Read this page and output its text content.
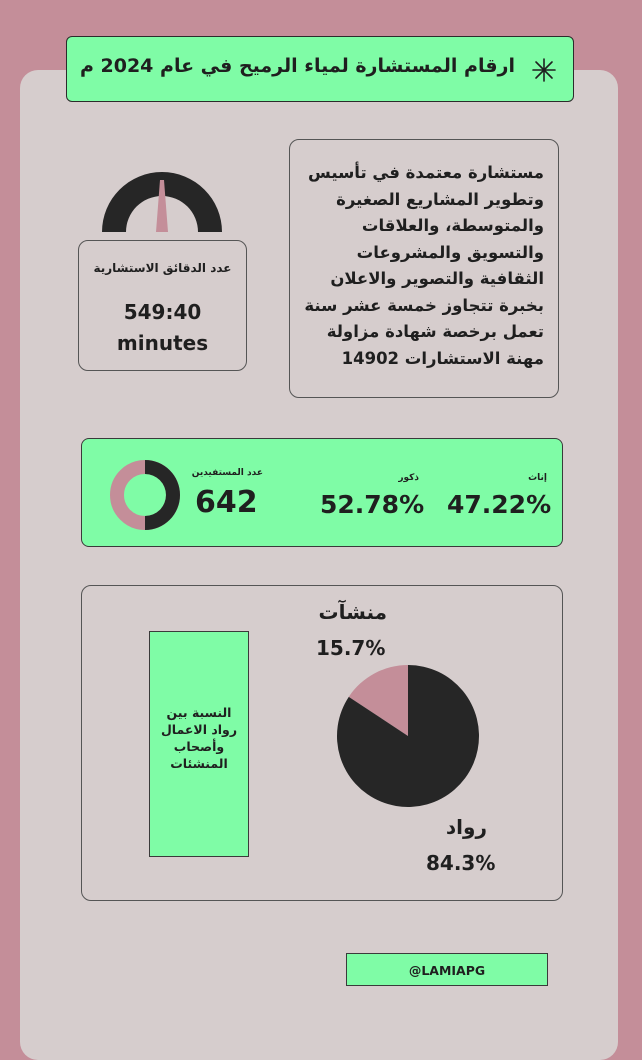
ارقام المستشارة لمياء الرميح في عام 2024 م
مستشارة معتمدة في تأسيس
وتطوير المشاريع الصغيرة
والمتوسطة، والعلاقات
والتسويق والمشروعات
الثقافية والتصوير والاعلان
بخبرة تتجاوز خمسة عشر سنة
تعمل برخصة شهادة مزاولة
مهنة الاستشارات 14902
عدد الدقائق الاستشارية
549:40
minutes
إناث
47.22%
ذكور
52.78%
عدد المستفيدين
642
النسبة بين
رواد الاعمال
وأصحاب
المنشئات
منشآت
15.7%
رواد
84.3%
@LAMIAPG
